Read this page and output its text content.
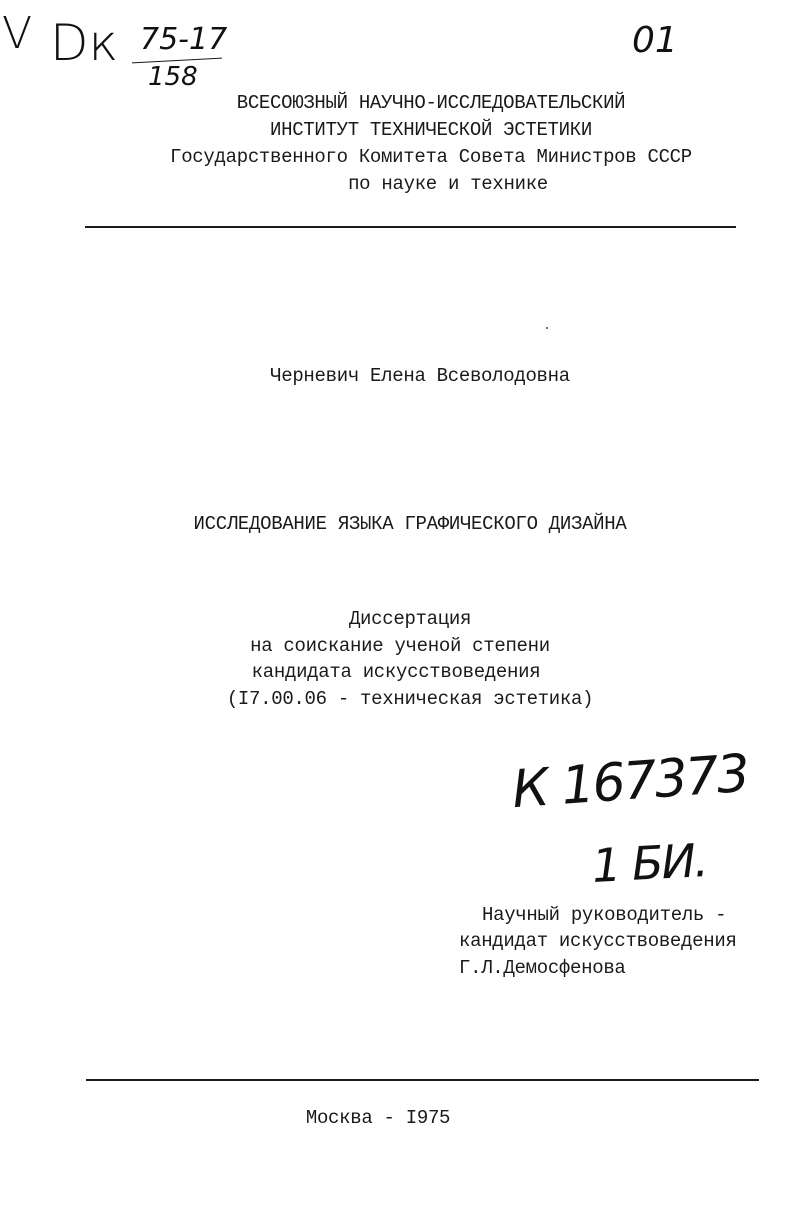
V Dк 75-17
158
01
ВСЕСОЮЗНЫЙ НАУЧНО-ИССЛЕДОВАТЕЛЬСКИЙ
ИНСТИТУТ ТЕХНИЧЕСКОЙ ЭСТЕТИКИ
Государственного Комитета Совета Министров СССР
по науке и технике
Черневич Елена Всеволодовна
ИССЛЕДОВАНИЕ ЯЗЫКА ГРАФИЧЕСКОГО ДИЗАЙНА
Диссертация
на соискание ученой степени
кандидата искусствоведения
(I7.00.06 - техническая эстетика)
К 167373
1 БИ.
Научный руководитель -
кандидат искусствоведения
Г.Л.Демосфенова
Москва - I975
